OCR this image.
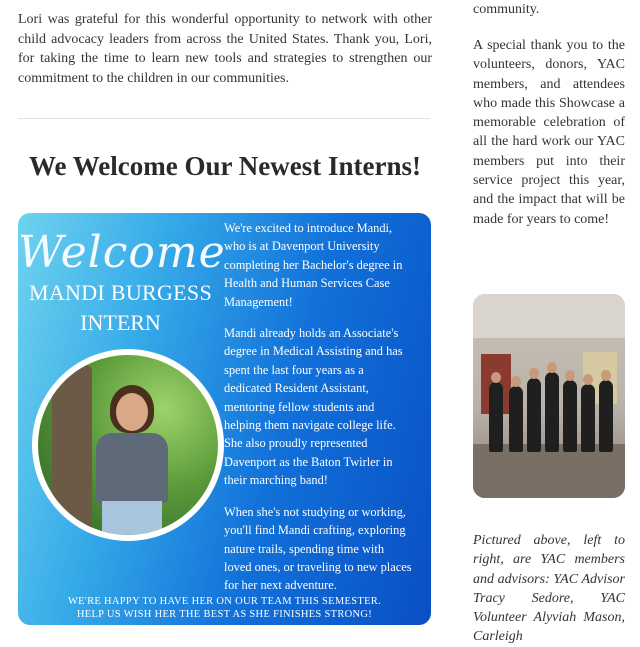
Lori was grateful for this wonderful opportunity to network with other child advocacy leaders from across the United States. Thank you, Lori, for taking the time to learn new tools and strategies to strengthen our commitment to the children in our communities.

We Welcome Our Newest Interns!
Welcome
MANDI BURGESS
INTERN

We're excited to introduce Mandi, who is at Davenport University completing her Bachelor's degree in Health and Human Services Case Management!

Mandi already holds an Associate's degree in Medical Assisting and has spent the last four years as a dedicated Resident Assistant, mentoring fellow students and helping them navigate college life. She also proudly represented Davenport as the Baton Twirler in their marching band!

When she's not studying or working, you'll find Mandi crafting, exploring nature trails, spending time with loved ones, or traveling to new places for her next adventure.

WE'RE HAPPY TO HAVE HER ON OUR TEAM THIS SEMESTER.
HELP US WISH HER THE BEST AS SHE FINISHES STRONG!

community.

A special thank you to the volunteers, donors, YAC members, and attendees who made this Showcase a memorable celebration of all the hard work our YAC members put into their service project this year, and the impact that will be made for years to come!

Pictured above, left to right, are YAC members and advisors: YAC Advisor Tracy Sedore, YAC Volunteer Alyviah Mason, Carleigh
